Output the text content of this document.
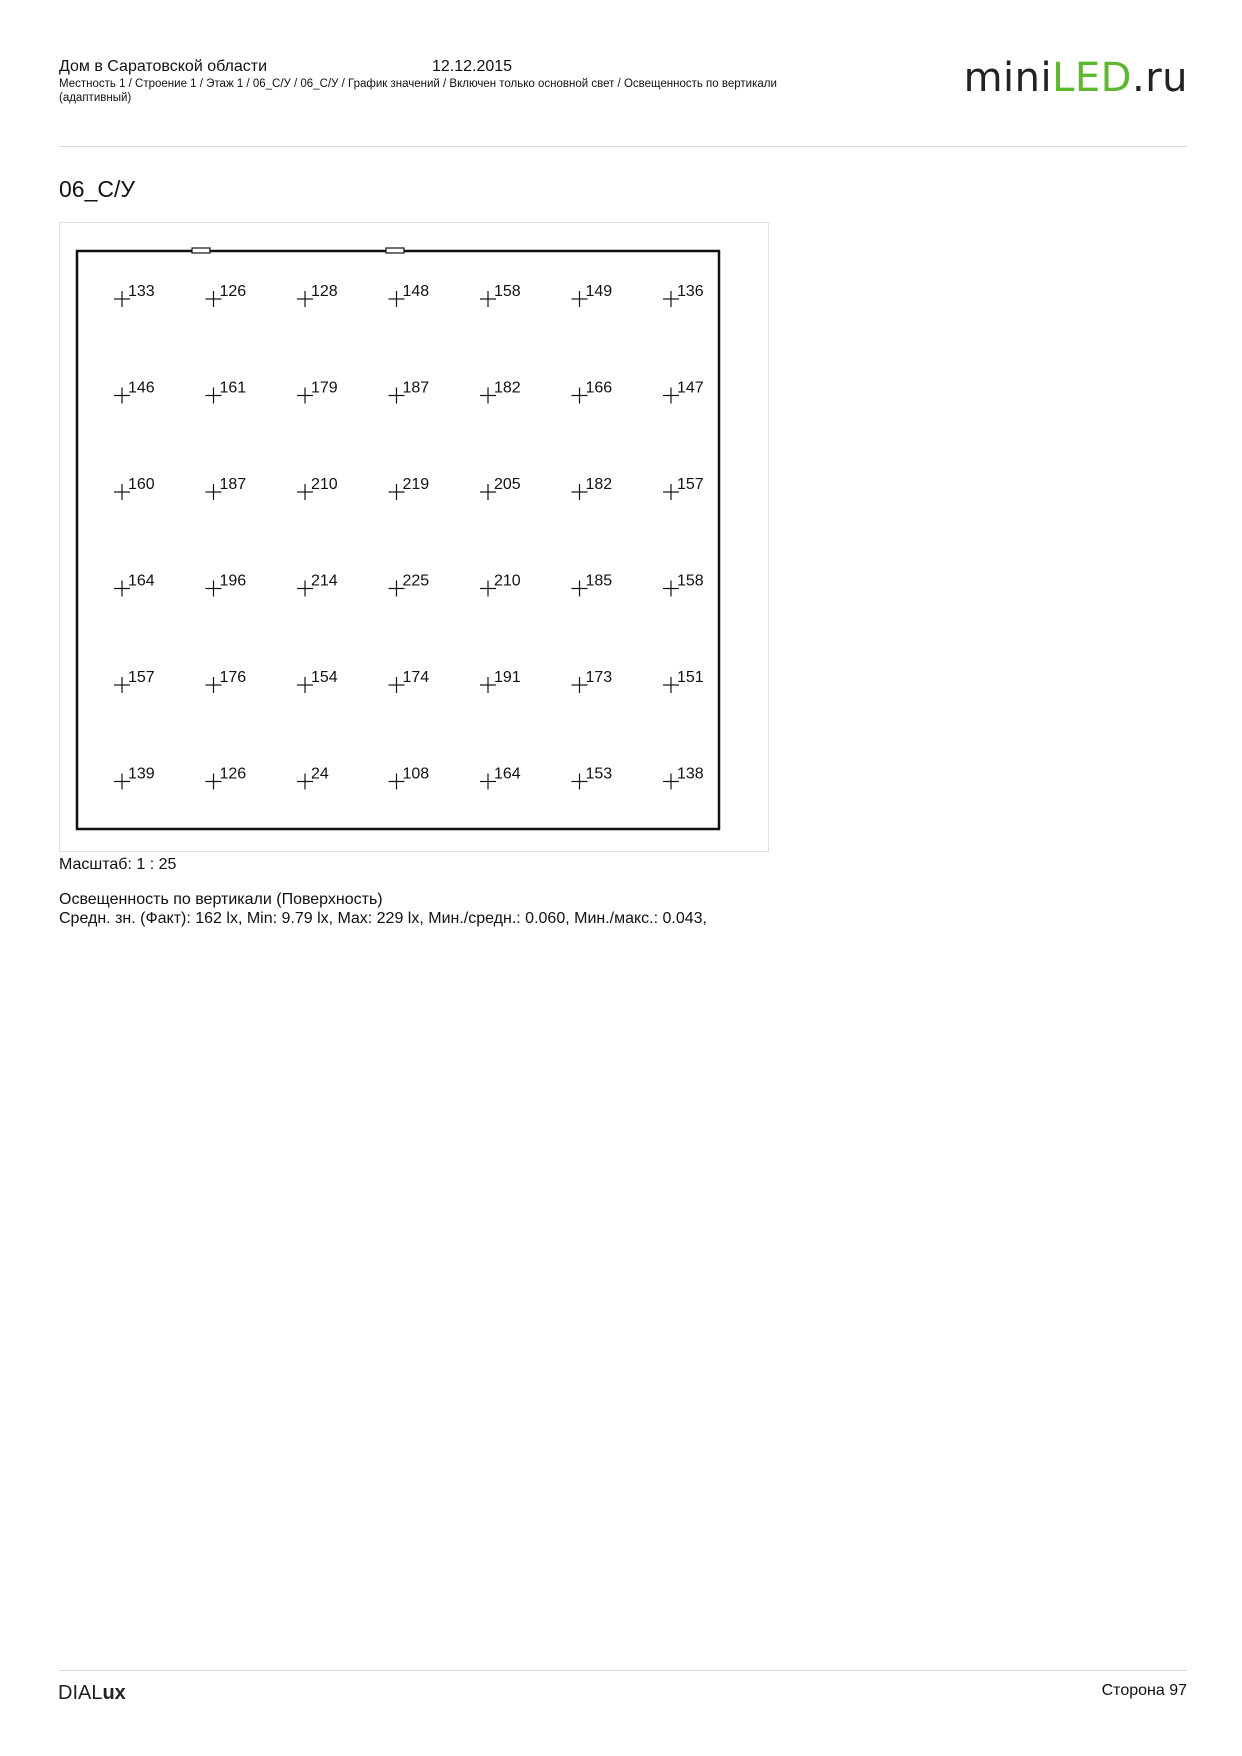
Дом в Саратовской области	12.12.2015
Местность 1 / Строение 1 / Этаж 1 / 06_С/У / 06_С/У / График значений / Включен только основной свет / Освещенность по вертикали (адаптивный)	miniLED.ru
06_С/У
133	126	128	148	158	149	136
146	161	179	187	182	166	147
160	187	210	219	205	182	157
164	196	214	225	210	185	158
157	176	154	174	191	173	151
139	126	24	108	164	153	138
Масштаб: 1 : 25
Освещенность по вертикали (Поверхность)
Средн. зн. (Факт): 162 lx, Min: 9.79 lx, Max: 229 lx, Мин./средн.: 0.060, Мин./макс.: 0.043,
DIALux	Сторона 97
